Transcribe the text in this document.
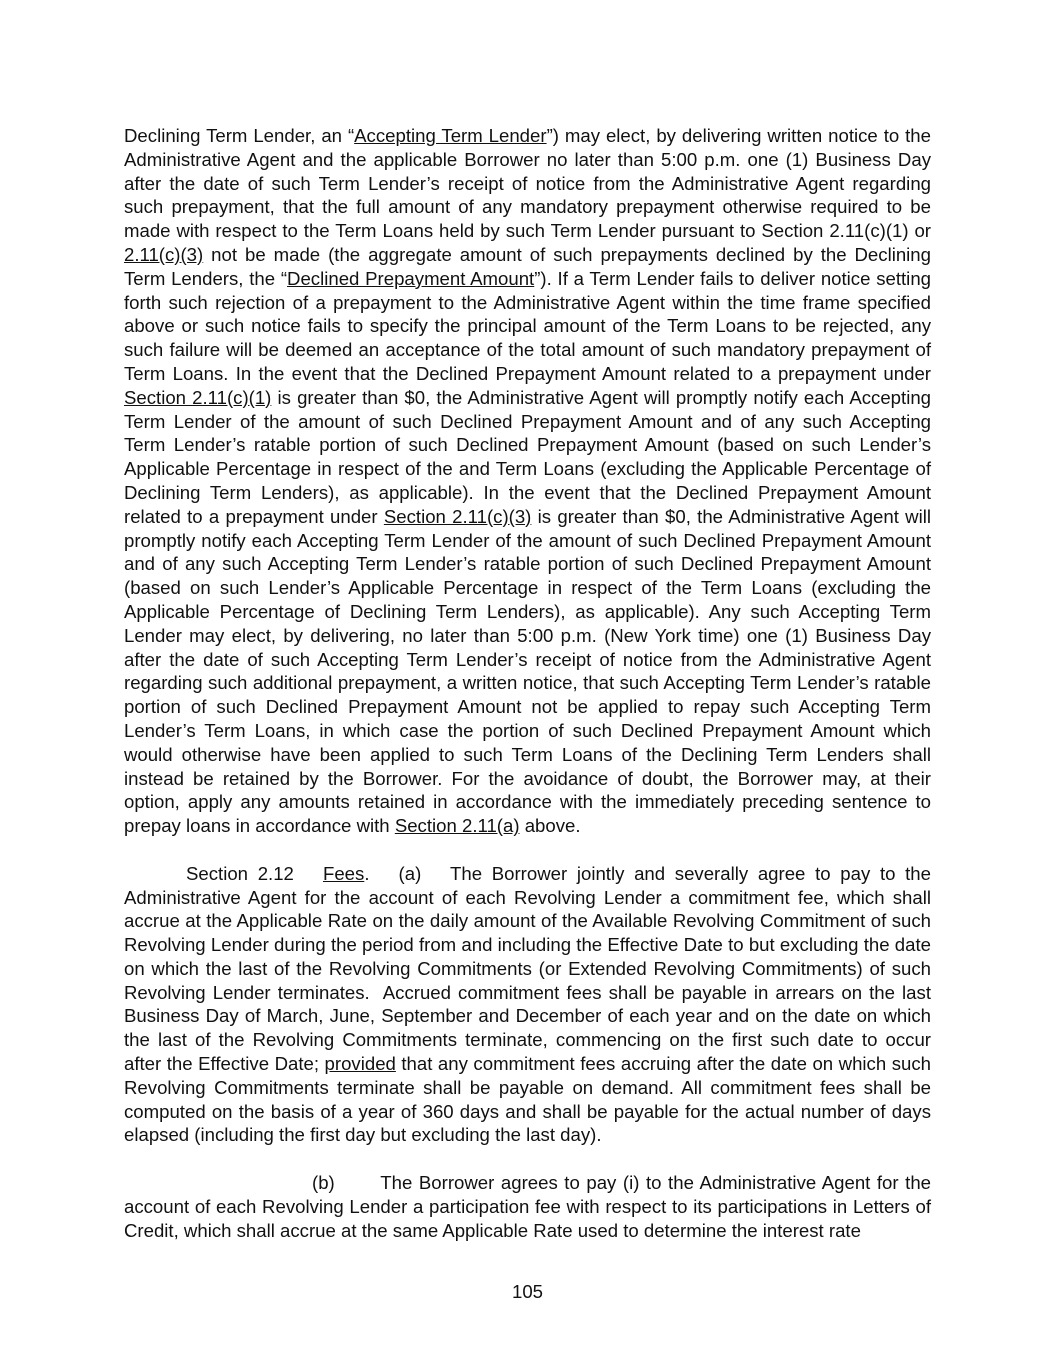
Declining Term Lender, an “Accepting Term Lender”) may elect, by delivering written notice to the Administrative Agent and the applicable Borrower no later than 5:00 p.m. one (1) Business Day after the date of such Term Lender’s receipt of notice from the Administrative Agent regarding such prepayment, that the full amount of any mandatory prepayment otherwise required to be made with respect to the Term Loans held by such Term Lender pursuant to Section 2.11(c)(1) or 2.11(c)(3) not be made (the aggregate amount of such prepayments declined by the Declining Term Lenders, the “Declined Prepayment Amount”). If a Term Lender fails to deliver notice setting forth such rejection of a prepayment to the Administrative Agent within the time frame specified above or such notice fails to specify the principal amount of the Term Loans to be rejected, any such failure will be deemed an acceptance of the total amount of such mandatory prepayment of Term Loans. In the event that the Declined Prepayment Amount related to a prepayment under Section 2.11(c)(1) is greater than $0, the Administrative Agent will promptly notify each Accepting Term Lender of the amount of such Declined Prepayment Amount and of any such Accepting Term Lender’s ratable portion of such Declined Prepayment Amount (based on such Lender’s Applicable Percentage in respect of the and Term Loans (excluding the Applicable Percentage of Declining Term Lenders), as applicable). In the event that the Declined Prepayment Amount related to a prepayment under Section 2.11(c)(3) is greater than $0, the Administrative Agent will promptly notify each Accepting Term Lender of the amount of such Declined Prepayment Amount and of any such Accepting Term Lender’s ratable portion of such Declined Prepayment Amount (based on such Lender’s Applicable Percentage in respect of the Term Loans (excluding the Applicable Percentage of Declining Term Lenders), as applicable). Any such Accepting Term Lender may elect, by delivering, no later than 5:00 p.m. (New York time) one (1) Business Day after the date of such Accepting Term Lender’s receipt of notice from the Administrative Agent regarding such additional prepayment, a written notice, that such Accepting Term Lender’s ratable portion of such Declined Prepayment Amount not be applied to repay such Accepting Term Lender’s Term Loans, in which case the portion of such Declined Prepayment Amount which would otherwise have been applied to such Term Loans of the Declining Term Lenders shall instead be retained by the Borrower. For the avoidance of doubt, the Borrower may, at their option, apply any amounts retained in accordance with the immediately preceding sentence to prepay loans in accordance with Section 2.11(a) above.

Section 2.12   Fees.   (a)   The Borrower jointly and severally agree to pay to the Administrative Agent for the account of each Revolving Lender a commitment fee, which shall accrue at the Applicable Rate on the daily amount of the Available Revolving Commitment of such Revolving Lender during the period from and including the Effective Date to but excluding the date on which the last of the Revolving Commitments (or Extended Revolving Commitments) of such Revolving Lender terminates.  Accrued commitment fees shall be payable in arrears on the last Business Day of March, June, September and December of each year and on the date on which the last of the Revolving Commitments terminate, commencing on the first such date to occur after the Effective Date; provided that any commitment fees accruing after the date on which such Revolving Commitments terminate shall be payable on demand. All commitment fees shall be computed on the basis of a year of 360 days and shall be payable for the actual number of days elapsed (including the first day but excluding the last day).

(b)       The Borrower agrees to pay (i) to the Administrative Agent for the account of each Revolving Lender a participation fee with respect to its participations in Letters of Credit, which shall accrue at the same Applicable Rate used to determine the interest rate

105
